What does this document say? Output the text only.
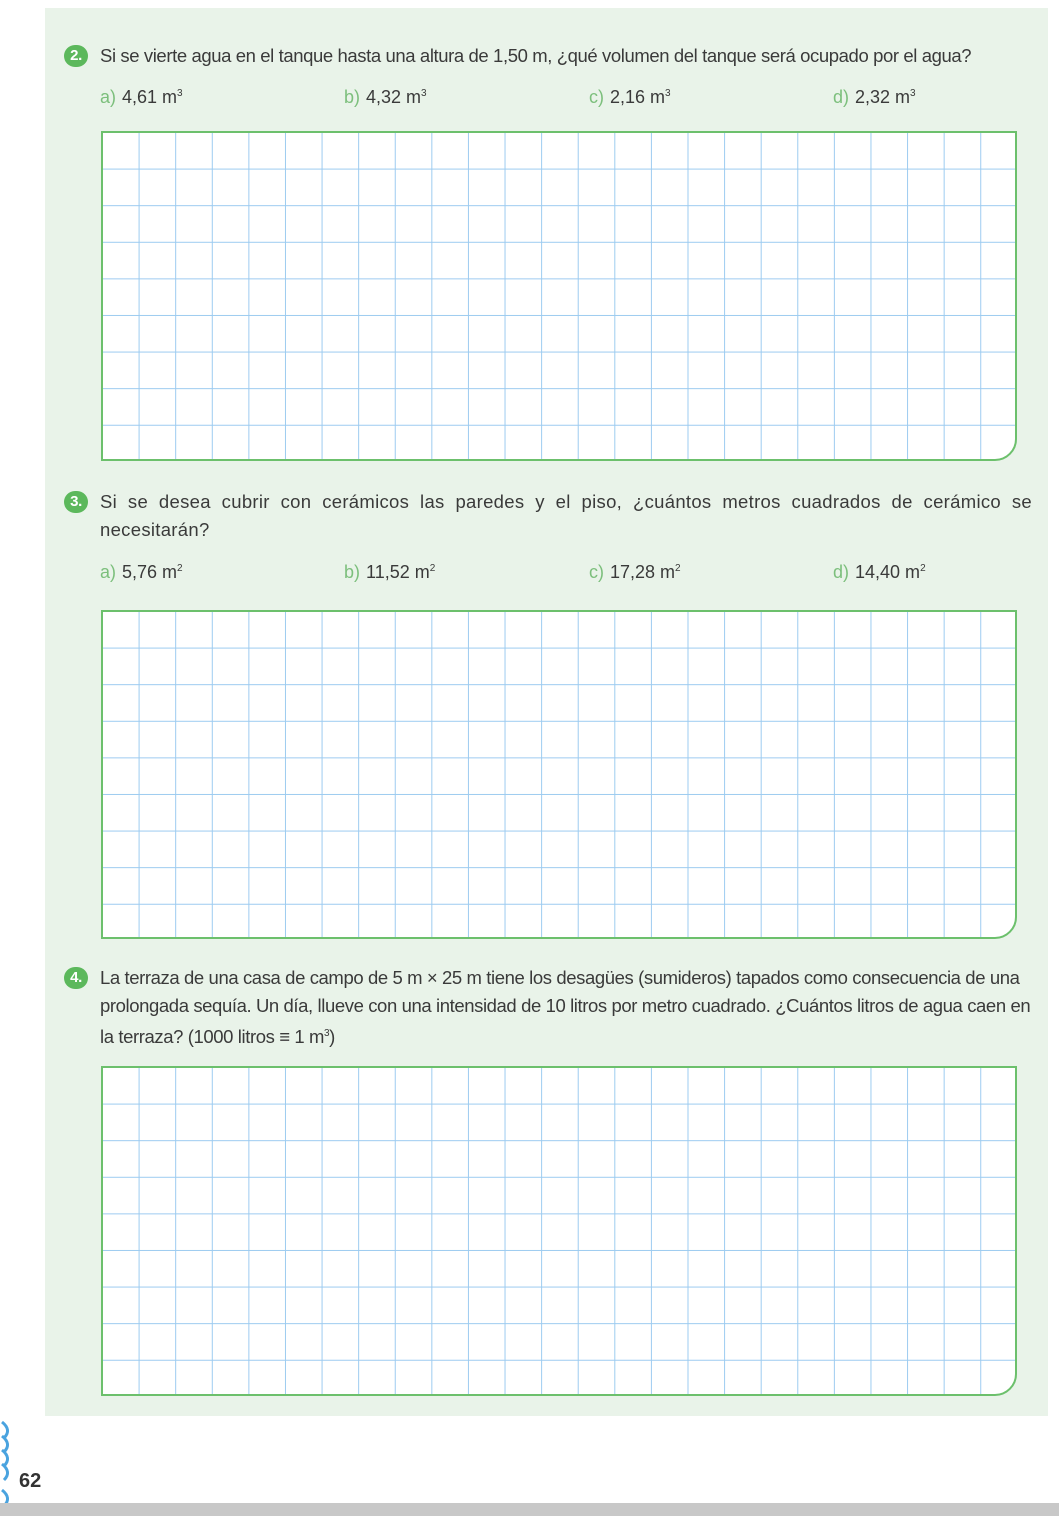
2. Si se vierte agua en el tanque hasta una altura de 1,50 m, ¿qué volumen del tanque será ocupado por el agua?
a) 4,61 $m^3$	b) 4,32 $m^3$	c) 2,16 $m^3$	d) 2,32 $m^3$
3. Si se desea cubrir con cerámicos las paredes y el piso, ¿cuántos metros cuadrados de cerámico se necesitarán?
a) 5,76 $m^2$	b) 11,52 $m^2$	c) 17,28 $m^2$	d) 14,40 $m^2$
4. La terraza de una casa de campo de 5 m × 25 m tiene los desagües (sumideros) tapados como consecuencia de una prolongada sequía. Un día, llueve con una intensidad de 10 litros por metro cuadrado. ¿Cuántos litros de agua caen en la terraza? (1000 litros ≡ 1 $m^3$)
62
